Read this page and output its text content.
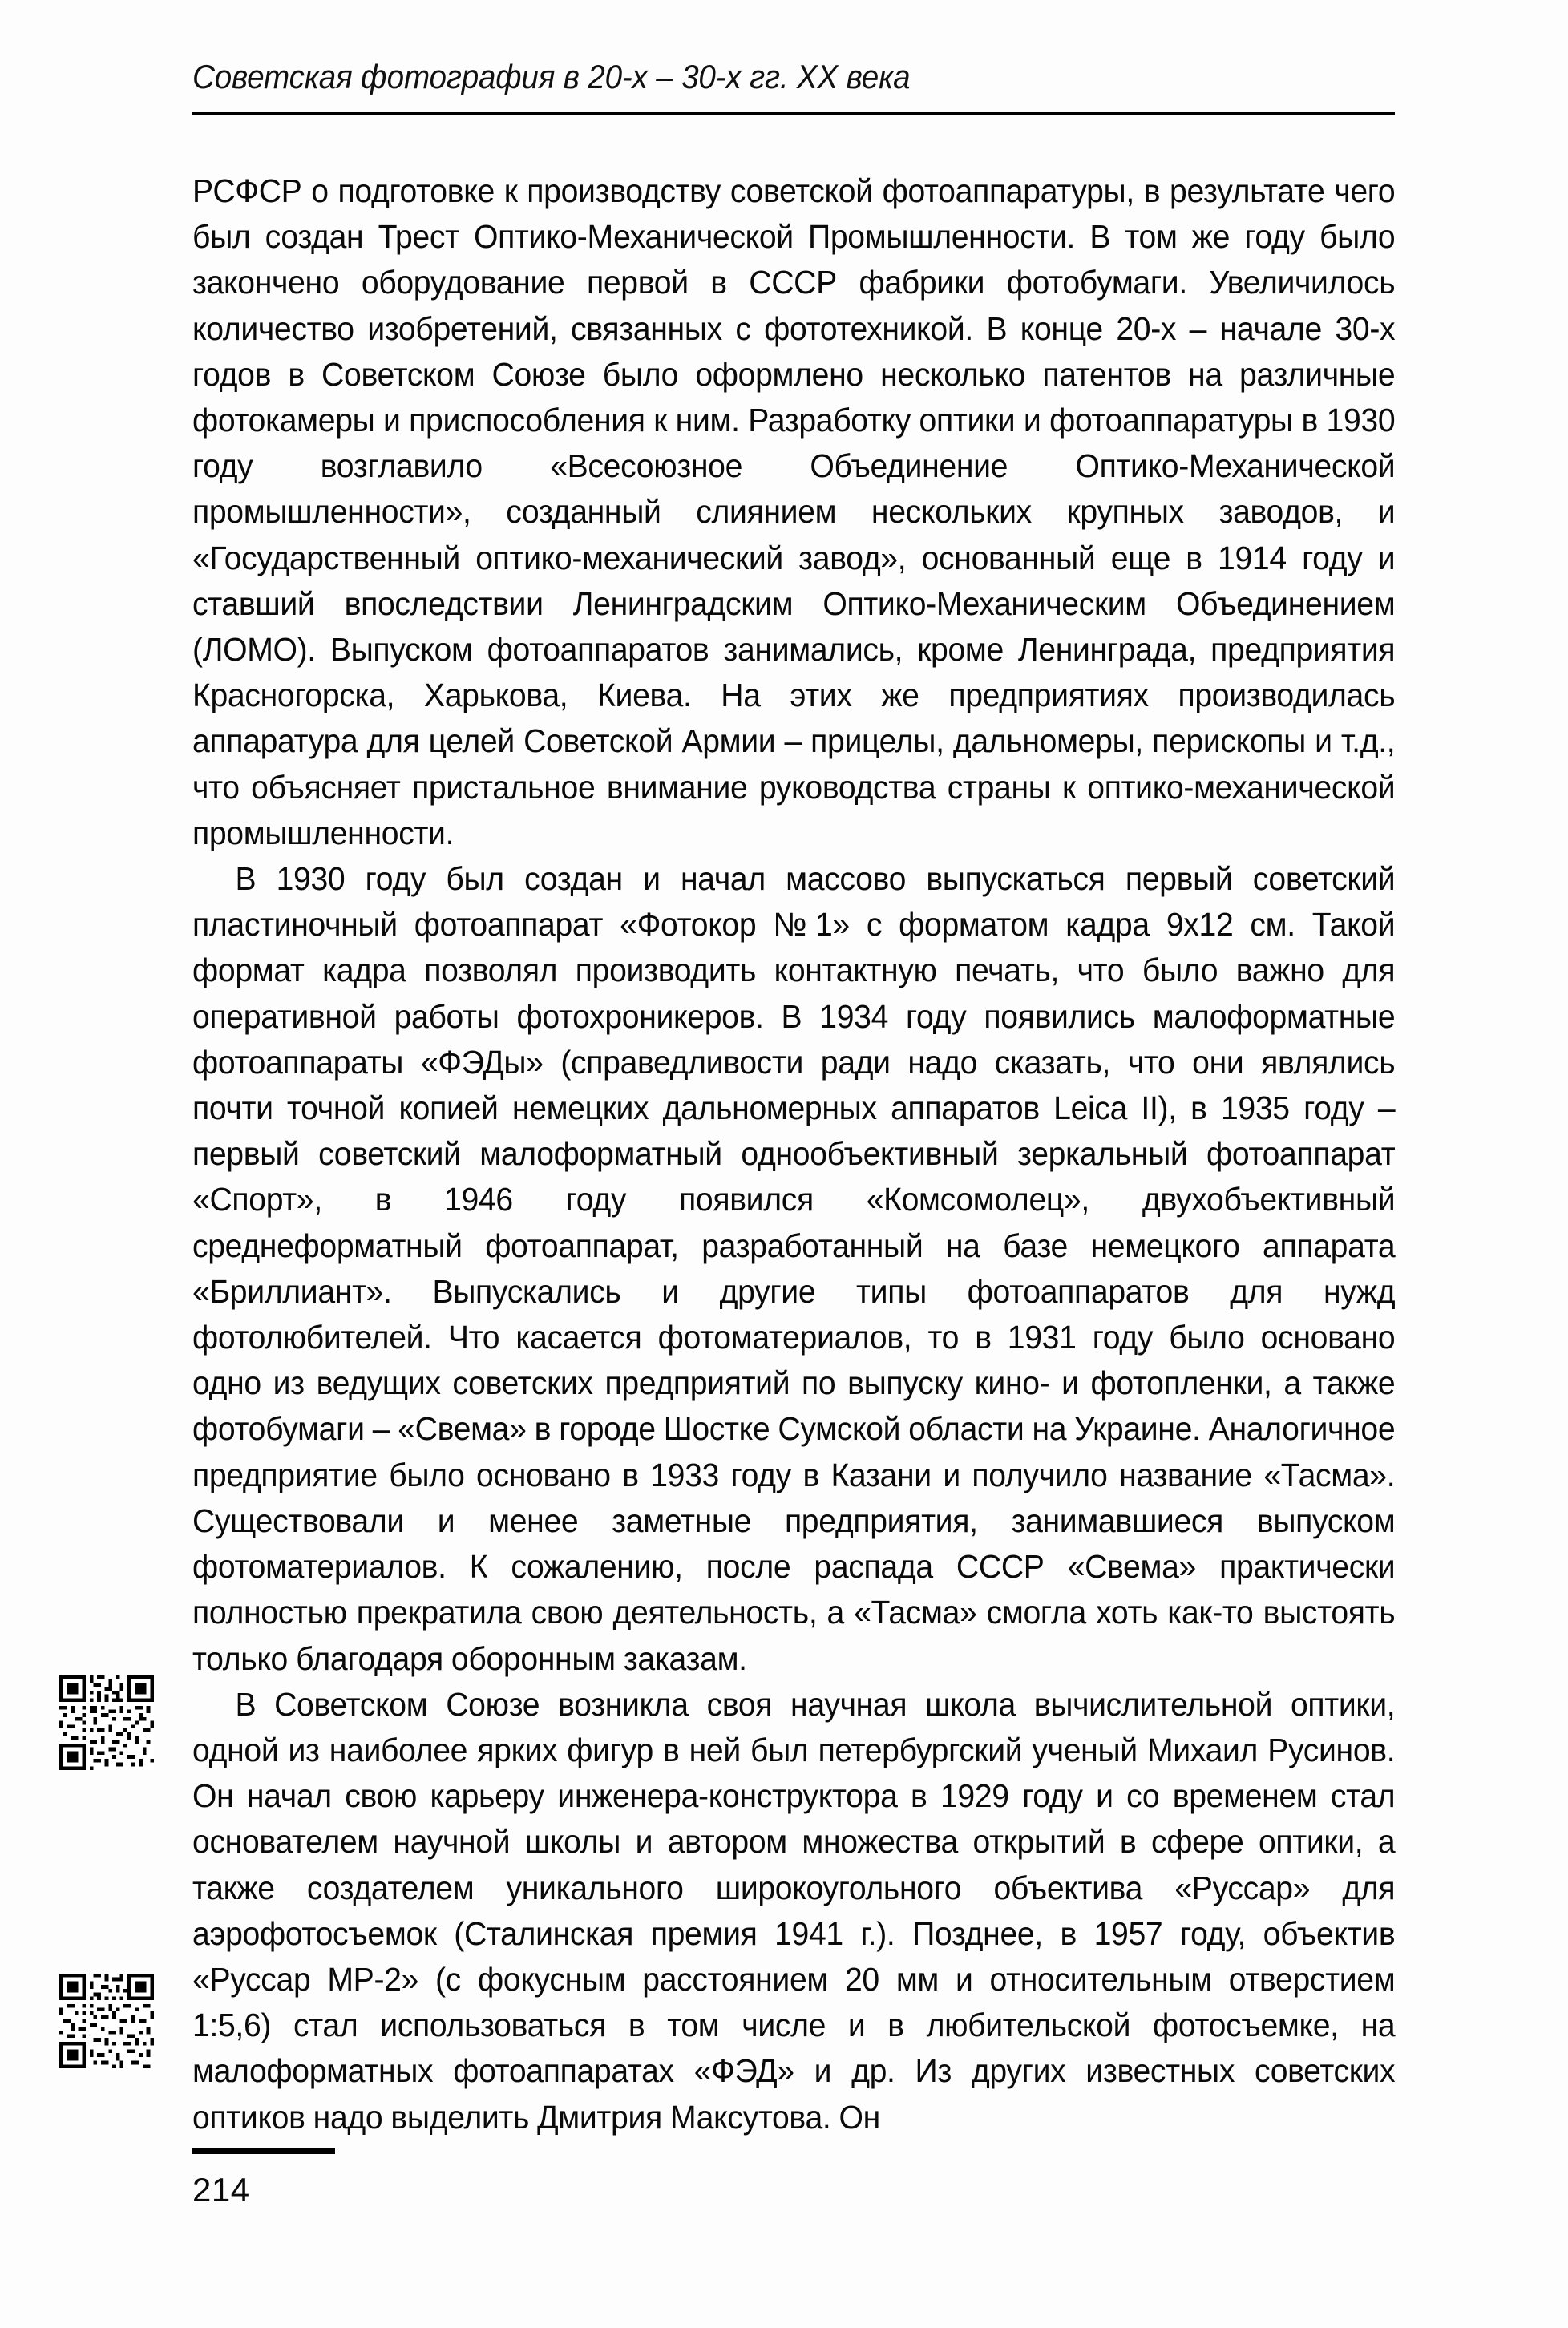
Советская фотография в 20-х – 30-х гг. XX века

РСФСР о подготовке к производству советской фотоаппаратуры, в результате чего был создан Трест Оптико-Механической Промышленности. В том же году было закончено оборудование первой в СССР фабрики фотобумаги. Увеличилось количество изобретений, связанных с фототехникой. В конце 20-х – начале 30-х годов в Советском Союзе было оформлено несколько патентов на различные фотокамеры и приспособления к ним. Разработку оптики и фотоаппаратуры в 1930 году возглавило «Всесоюзное Объединение Оптико-Механической промышленности», созданный слиянием нескольких крупных заводов, и «Государственный оптико-механический завод», основанный еще в 1914 году и ставший впоследствии Ленинградским Оптико-Механическим Объединением (ЛОМО). Выпуском фотоаппаратов занимались, кроме Ленинграда, предприятия Красногорска, Харькова, Киева. На этих же предприятиях производилась аппаратура для целей Советской Армии – прицелы, дальномеры, перископы и т.д., что объясняет пристальное внимание руководства страны к оптико-механической промышленности.

В 1930 году был создан и начал массово выпускаться первый советский пластиночный фотоаппарат «Фотокор №1» с форматом кадра 9х12 см. Такой формат кадра позволял производить контактную печать, что было важно для оперативной работы фотохроникеров. В 1934 году появились малоформатные фотоаппараты «ФЭДы» (справедливости ради надо сказать, что они являлись почти точной копией немецких дальномерных аппаратов Leica II), в 1935 году – первый советский малоформатный однообъективный зеркальный фотоаппарат «Спорт», в 1946 году появился «Комсомолец», двухобъективный среднеформатный фотоаппарат, разработанный на базе немецкого аппарата «Бриллиант». Выпускались и другие типы фотоаппаратов для нужд фотолюбителей. Что касается фотоматериалов, то в 1931 году было основано одно из ведущих советских предприятий по выпуску кино- и фотопленки, а также фотобумаги – «Свема» в городе Шостке Сумской области на Украине. Аналогичное предприятие было основано в 1933 году в Казани и получило название «Тасма». Существовали и менее заметные предприятия, занимавшиеся выпуском фотоматериалов. К сожалению, после распада СССР «Свема» практически полностью прекратила свою деятельность, а «Тасма» смогла хоть как-то выстоять только благодаря оборонным заказам.

В Советском Союзе возникла своя научная школа вычислительной оптики, одной из наиболее ярких фигур в ней был петербургский ученый Михаил Русинов. Он начал свою карьеру инженера-конструктора в 1929 году и со временем стал основателем научной школы и автором множества открытий в сфере оптики, а также создателем уникального широкоугольного объектива «Руссар» для аэрофотосъемок (Сталинская премия 1941 г.). Позднее, в 1957 году, объектив «Руссар МР-2» (с фокусным расстоянием 20 мм и относительным отверстием 1:5,6) стал использоваться в том числе и в любительской фотосъемке, на малоформатных фотоаппаратах «ФЭД» и др. Из других известных советских оптиков надо выделить Дмитрия Максутова. Он

214
